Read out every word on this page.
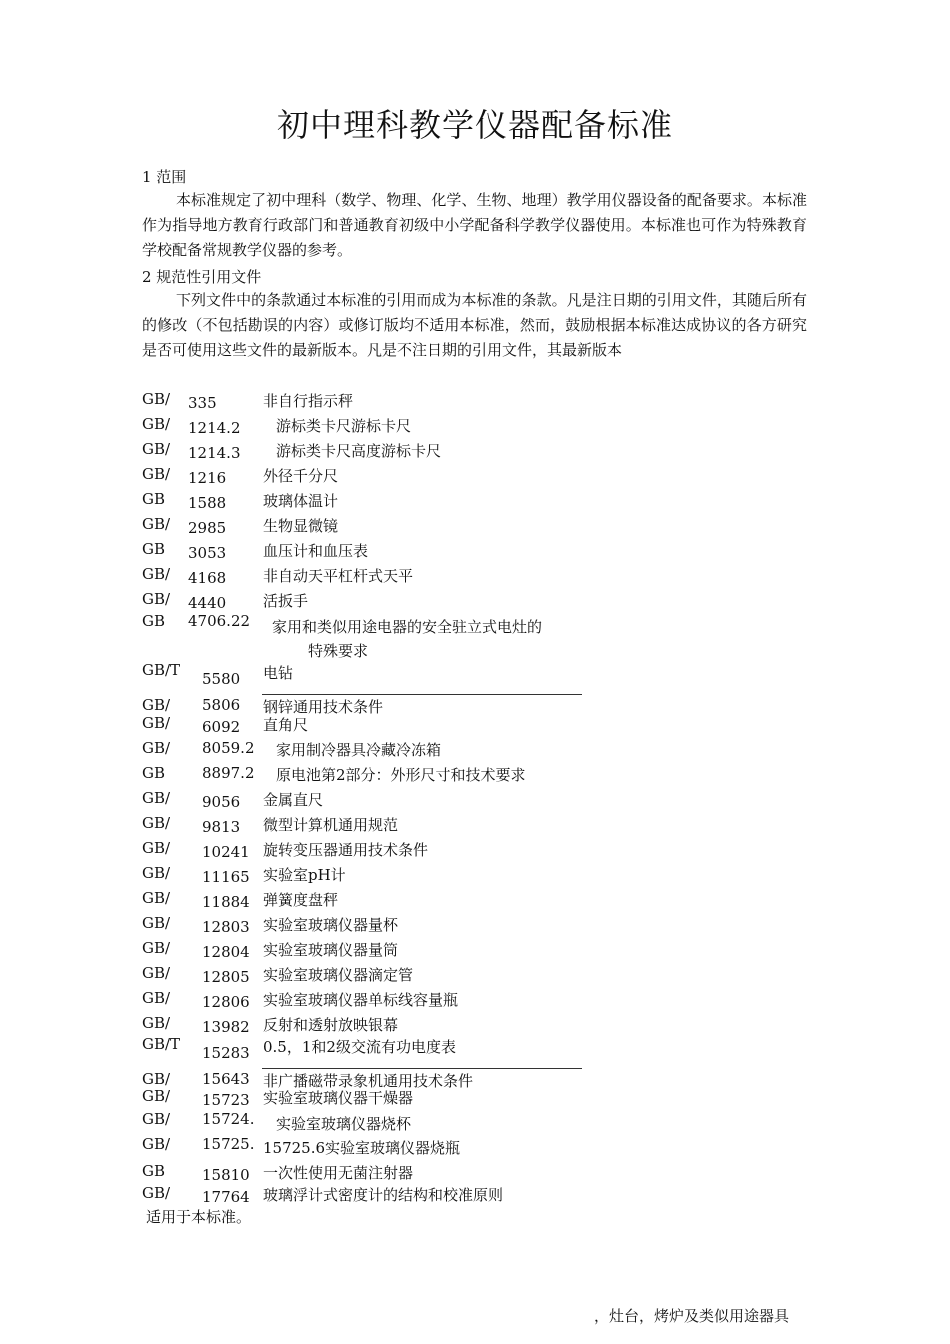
初中理科教学仪器配备标准
1 范围
本标准规定了初中理科（数学、物理、化学、生物、地理）教学用仪器设备的配备要求。本标准作为指导地方教育行政部门和普通教育初级中小学配备科学教学仪器使用。本标准也可作为特殊教育学校配备常规教学仪器的参考。
2 规范性引用文件
下列文件中的条款通过本标准的引用而成为本标准的条款。凡是注日期的引用文件，其随后所有的修改（不包括勘误的内容）或修订版均不适用本标准，然而，鼓励根据本标准达成协议的各方研究是否可使用这些文件的最新版本。凡是不注日期的引用文件，其最新版本
GB/ 335	非自行指示秤
GB/ 1214.2 游标类卡尺游标卡尺
GB/ 1214.3 游标类卡尺高度游标卡尺
GB/ 1216 外径千分尺
GB 1588 玻璃体温计
GB/ 2985 生物显微镜
GB 3053 血压计和血压表
GB/ 4168 非自动天平杠杆式天平
GB/ 4440 活扳手
GB 4706.22 家用和类似用途电器的安全驻立式电灶的
特殊要求
GB/T 5580 电钻
GB/ 5806 钢锌通用技术条件
GB/ 6092 直角尺
GB/ 8059.2 家用制冷器具冷藏冷冻箱
GB 8897.2 原电池第2部分：外形尺寸和技术要求
GB/ 9056 金属直尺
GB/ 9813 微型计算机通用规范
GB/ 10241 旋转变压器通用技术条件
GB/ 11165 实验室pH计
GB/ 11884 弹簧度盘秤
GB/ 12803 实验室玻璃仪器量杯
GB/ 12804 实验室玻璃仪器量筒
GB/ 12805 实验室玻璃仪器滴定管
GB/ 12806 实验室玻璃仪器单标线容量瓶
GB/ 13982 反射和透射放映银幕
GB/T 15283 0.5，1和2级交流有功电度表
GB/ 15643 非广播磁带录象机通用技术条件
GB/ 15723 实验室玻璃仪器干燥器
GB/ 15724. 实验室玻璃仪器烧杯
GB/ 15725. 15725.6实验室玻璃仪器烧瓶
GB 15810 一次性使用无菌注射器
GB/ 17764 玻璃浮计式密度计的结构和校准原则
适用于本标准。
，灶台，烤炉及类似用途器具
